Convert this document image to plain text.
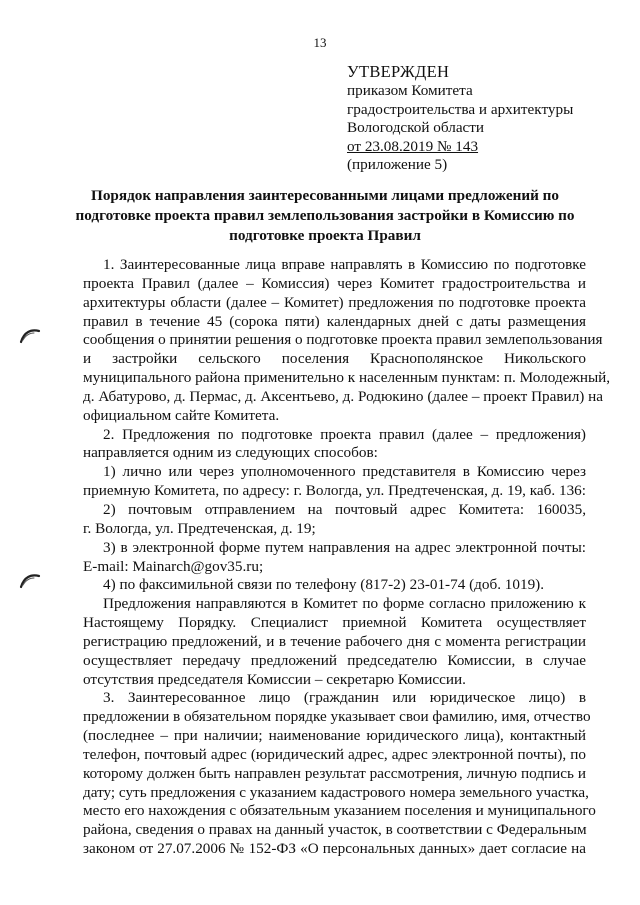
13
УТВЕРЖДЕН
приказом Комитета
градостроительства и архитектуры
Вологодской области
от 23.08.2019 № 143
(приложение 5)
Порядок направления заинтересованными лицами предложений по
подготовке проекта правил землепользования застройки в Комиссию по
подготовке проекта Правил
1. Заинтересованные лица вправе направлять в Комиссию по подготовке
проекта Правил (далее – Комиссия) через Комитет градостроительства и
архитектуры области (далее – Комитет) предложения по подготовке проекта
правил в течение 45 (сорока пяти) календарных дней с даты размещения
сообщения о принятии решения о подготовке проекта правил землепользования
и застройки сельского поселения Краснополянское Никольского
муниципального района применительно к населенным пунктам: п. Молодежный,
д. Абатурово, д. Пермас, д. Аксентьево, д. Родюкино (далее – проект Правил) на
официальном сайте Комитета.
2. Предложения по подготовке проекта правил (далее – предложения)
направляется одним из следующих способов:
1) лично или через уполномоченного представителя в Комиссию через
приемную Комитета, по адресу: г. Вологда, ул. Предтеченская, д. 19, каб. 136:
2) почтовым отправлением на почтовый адрес Комитета: 160035,
г. Вологда, ул. Предтеченская, д. 19;
3) в электронной форме путем направления на адрес электронной почты:
E-mail: Mainarch@gov35.ru;
4) по факсимильной связи по телефону (817-2) 23-01-74 (доб. 1019).
Предложения направляются в Комитет по форме согласно приложению к
Настоящему Порядку. Специалист приемной Комитета осуществляет
регистрацию предложений, и в течение рабочего дня с момента регистрации
осуществляет передачу предложений председателю Комиссии, в случае
отсутствия председателя Комиссии – секретарю Комиссии.
3. Заинтересованное лицо (гражданин или юридическое лицо) в
предложении в обязательном порядке указывает свои фамилию, имя, отчество
(последнее – при наличии; наименование юридического лица), контактный
телефон, почтовый адрес (юридический адрес, адрес электронной почты), по
которому должен быть направлен результат рассмотрения, личную подпись и
дату; суть предложения с указанием кадастрового номера земельного участка,
место его нахождения с обязательным указанием поселения и муниципального
района, сведения о правах на данный участок, в соответствии с Федеральным
законом от 27.07.2006 № 152-ФЗ «О персональных данных» дает согласие на
